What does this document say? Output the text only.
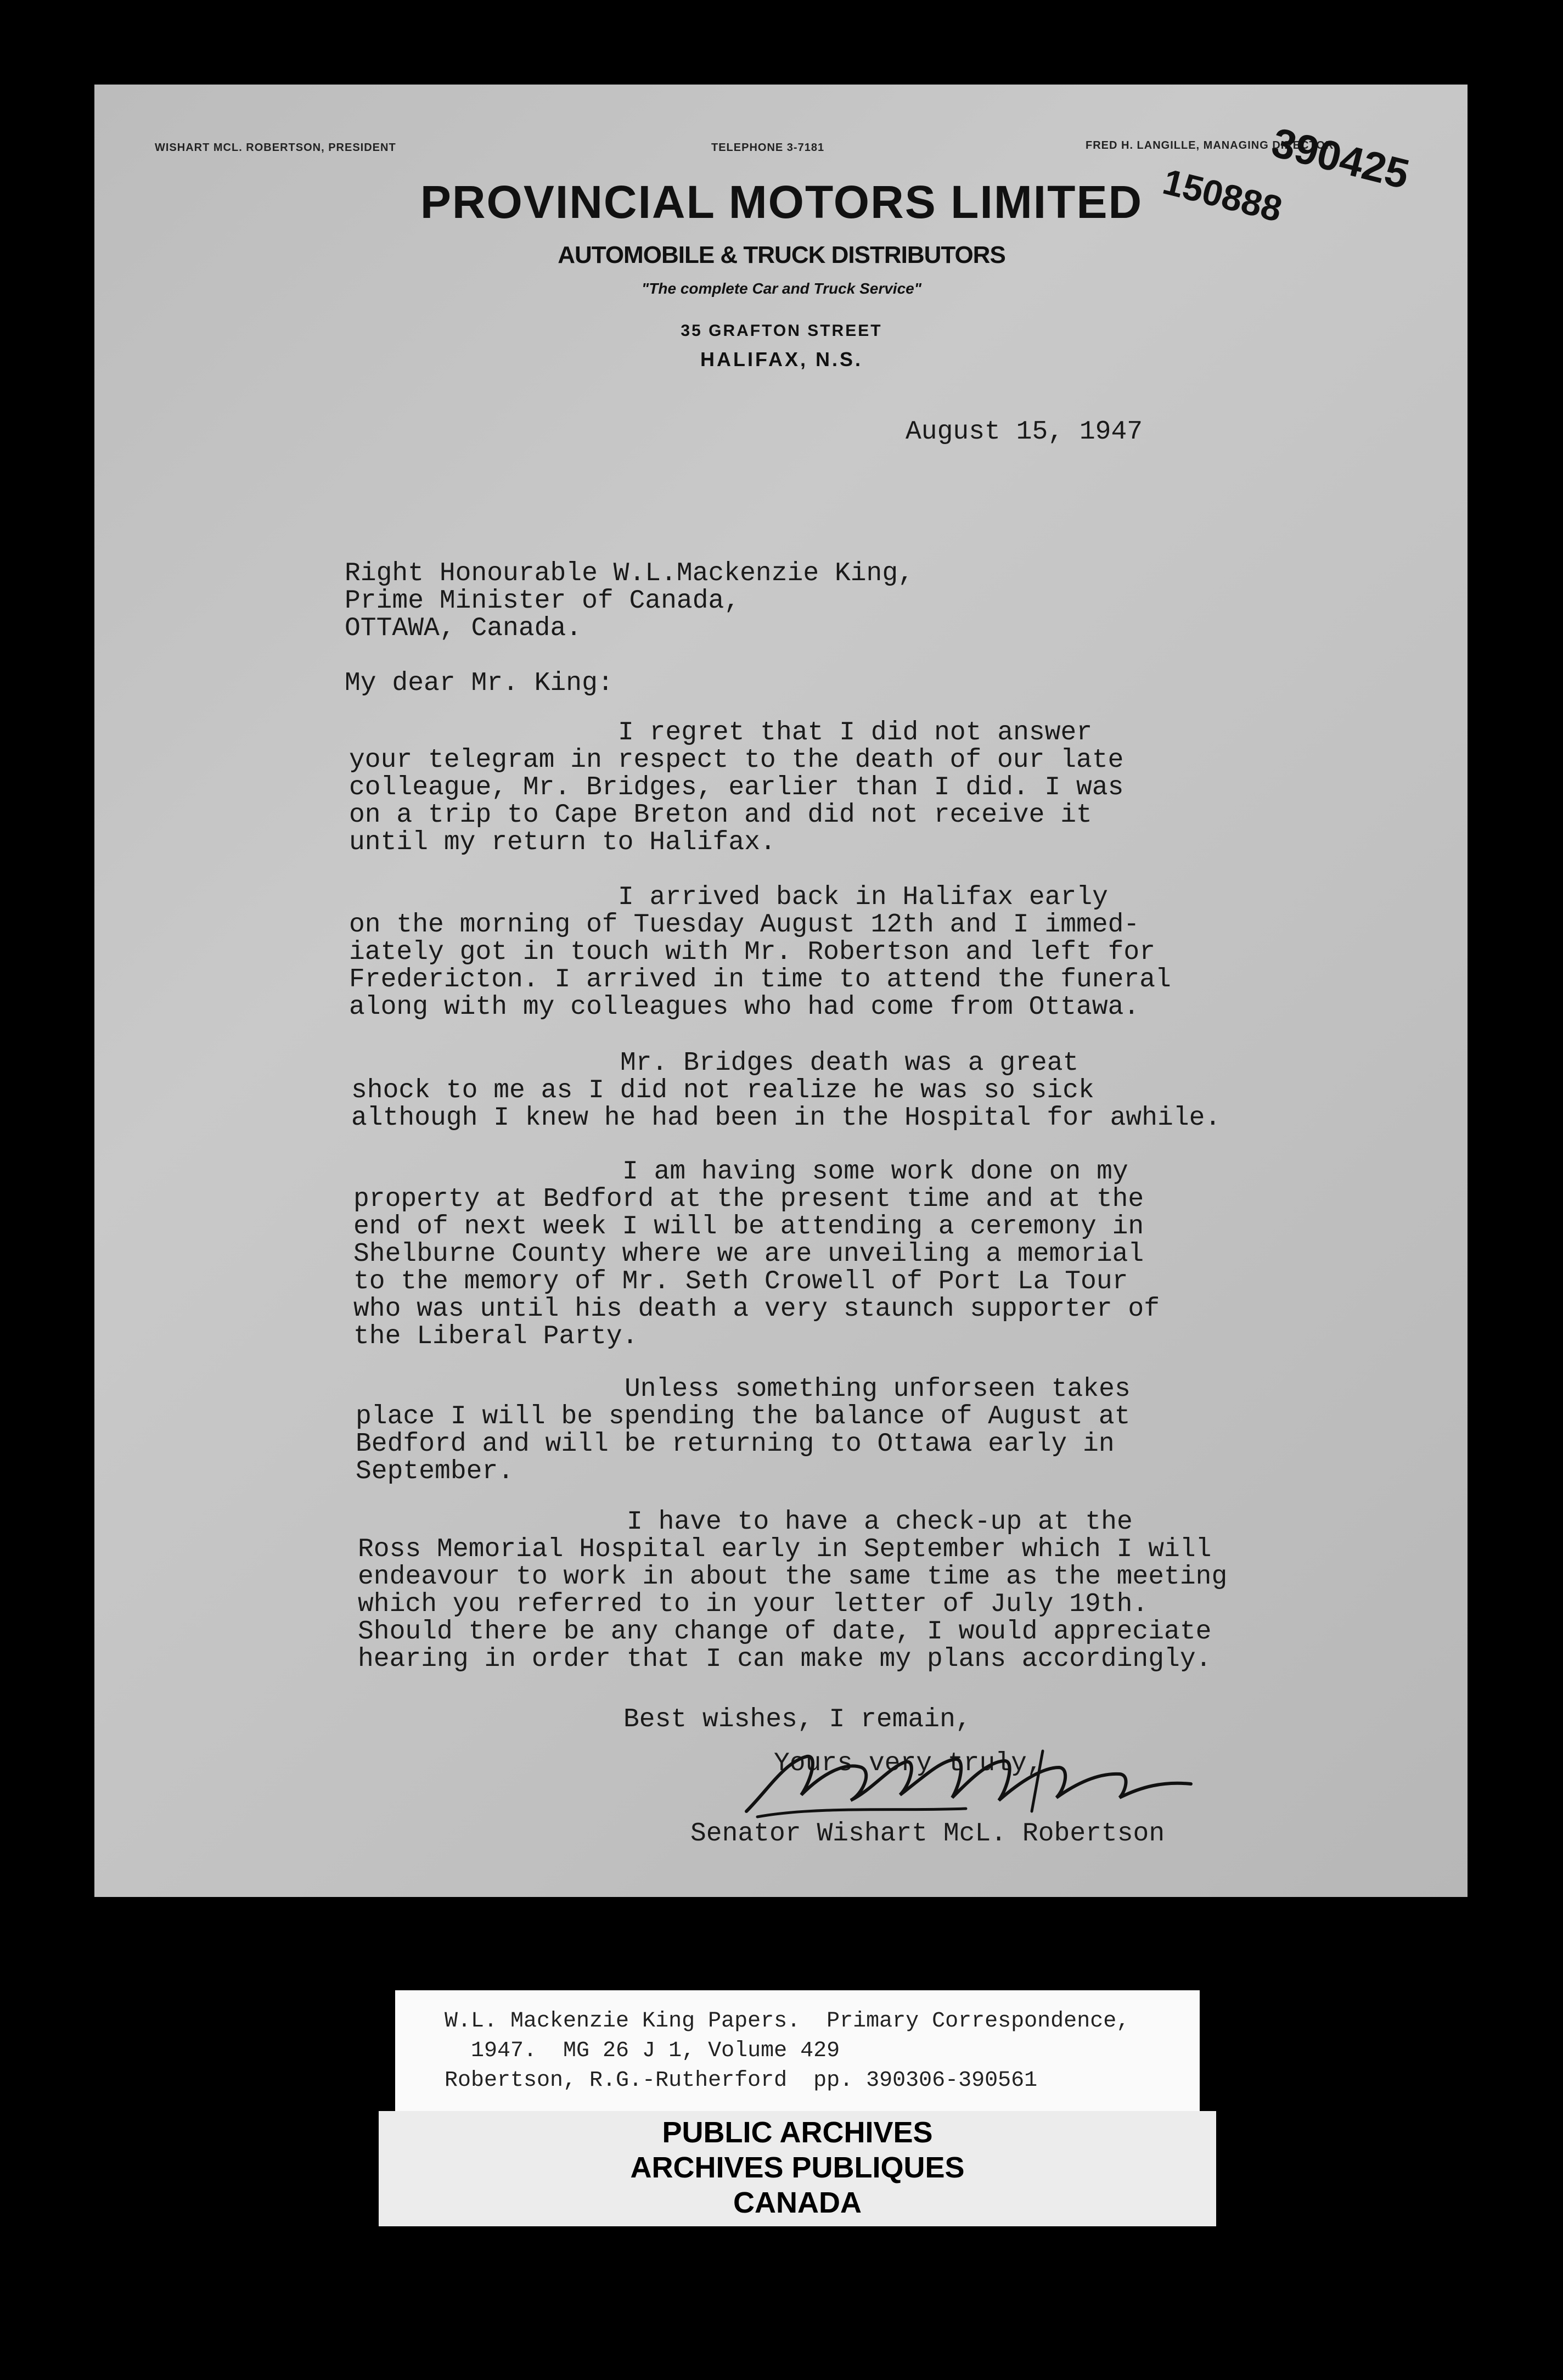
WISHART MCL. ROBERTSON, PRESIDENT	TELEPHONE 3-7181	FRED H. LANGILLE, MANAGING DIRECTOR
PROVINCIAL MOTORS LIMITED
AUTOMOBILE & TRUCK DISTRIBUTORS
"The complete Car and Truck Service"
35 GRAFTON STREET
HALIFAX, N.S.
390425
150888
August 15, 1947
Right Honourable W.L.Mackenzie King,
Prime Minister of Canada,
OTTAWA, Canada.
My dear Mr. King:
I regret that I did not answer
your telegram in respect to the death of our late
colleague, Mr. Bridges, earlier than I did. I was
on a trip to Cape Breton and did not receive it
until my return to Halifax.
I arrived back in Halifax early
on the morning of Tuesday August 12th and I immed-
iately got in touch with Mr. Robertson and left for
Fredericton. I arrived in time to attend the funeral
along with my colleagues who had come from Ottawa.
Mr. Bridges death was a great
shock to me as I did not realize he was so sick
although I knew he had been in the Hospital for awhile.
I am having some work done on my
property at Bedford at the present time and at the
end of next week I will be attending a ceremony in
Shelburne County where we are unveiling a memorial
to the memory of Mr. Seth Crowell of Port La Tour
who was until his death a very staunch supporter of
the Liberal Party.
Unless something unforseen takes
place I will be spending the balance of August at
Bedford and will be returning to Ottawa early in
September.
I have to have a check-up at the
Ross Memorial Hospital early in September which I will
endeavour to work in about the same time as the meeting
which you referred to in your letter of July 19th.
Should there be any change of date, I would appreciate
hearing in order that I can make my plans accordingly.
Best wishes, I remain,
Yours very truly,
Senator Wishart McL. Robertson
W.L. Mackenzie King Papers.  Primary Correspondence,
1947.  MG 26 J 1, Volume 429
Robertson, R.G.-Rutherford  pp. 390306-390561
PUBLIC ARCHIVES
ARCHIVES PUBLIQUES
CANADA
